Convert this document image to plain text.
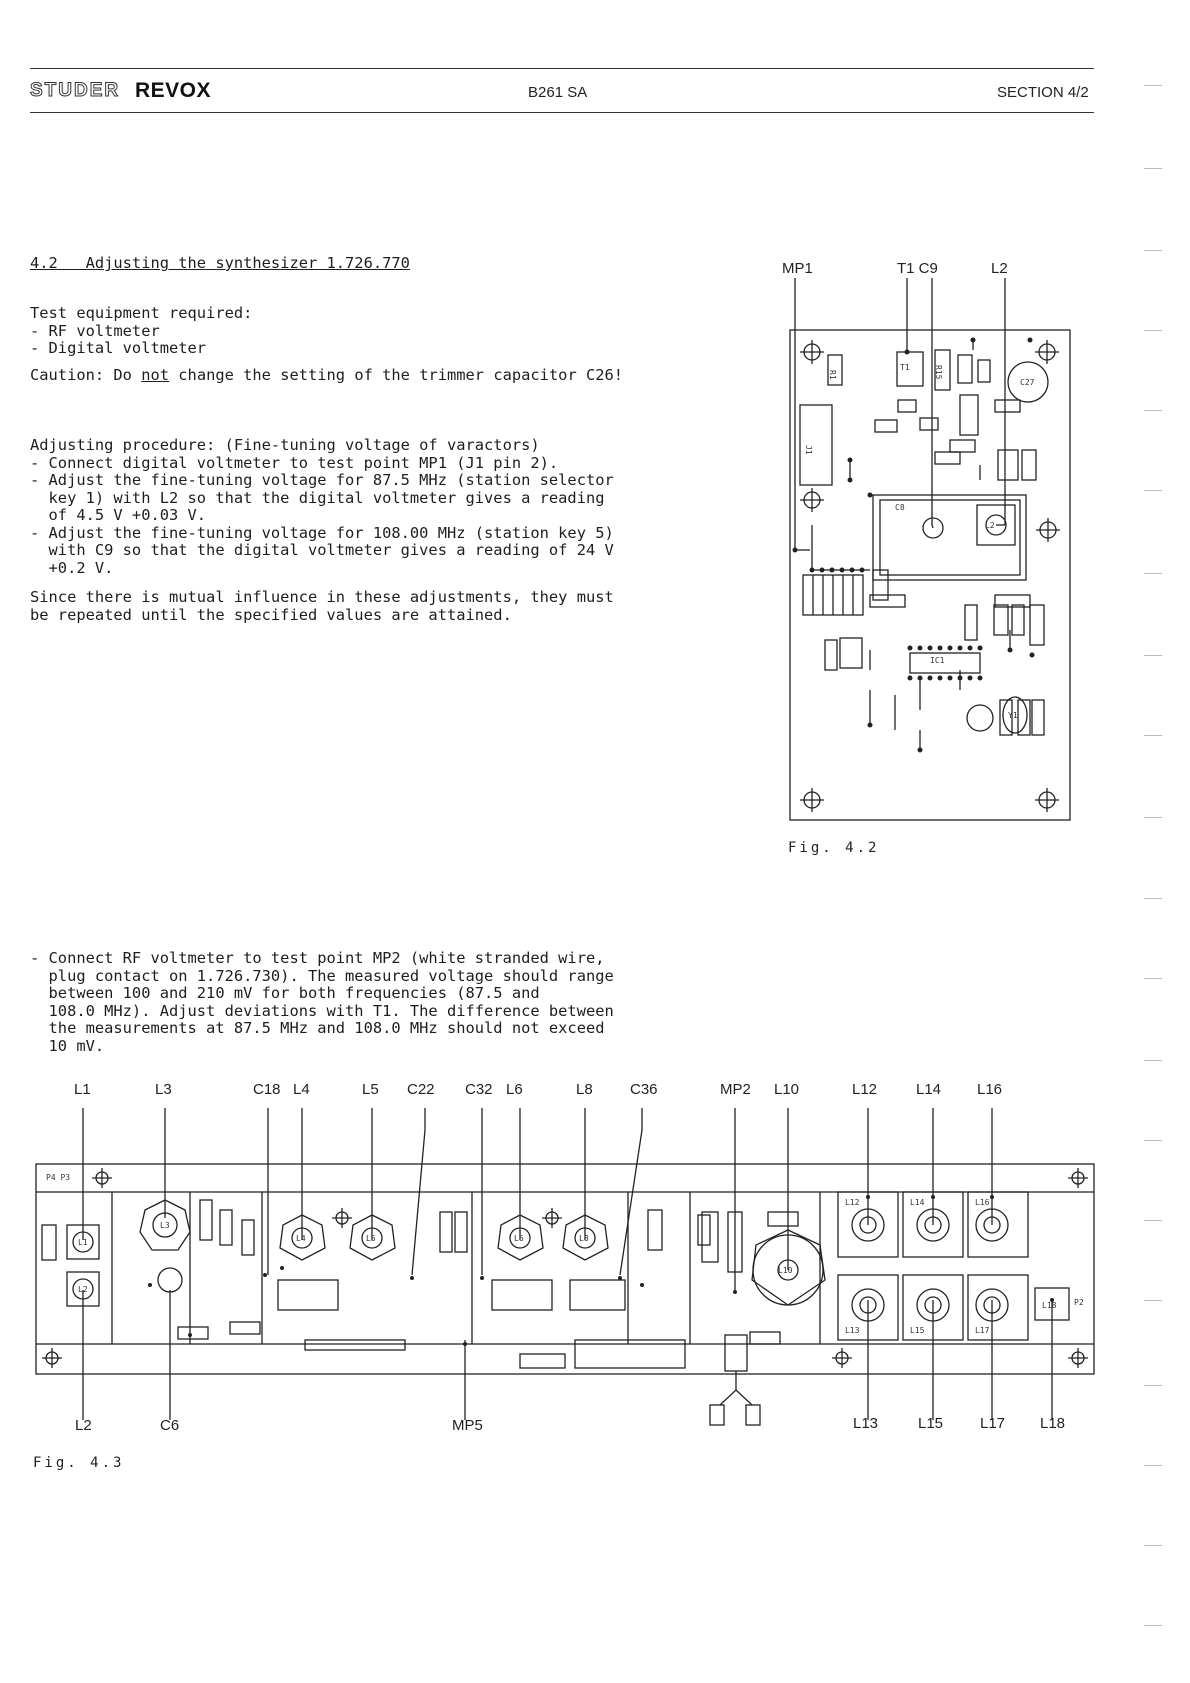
STUDER REVOX	B261 SA	SECTION 4/2
4.2   Adjusting the synthesizer 1.726.770
Test equipment required:
- RF voltmeter
- Digital voltmeter
Caution: Do not change the setting of the trimmer capacitor C26!
Adjusting procedure: (Fine-tuning voltage of varactors)
- Connect digital voltmeter to test point MP1 (J1 pin 2).
- Adjust the fine-tuning voltage for 87.5 MHz (station selector
key 1) with L2 so that the digital voltmeter gives a reading
of 4.5 V +0.03 V.
- Adjust the fine-tuning voltage for 108.00 MHz (station key 5)
with C9 so that the digital voltmeter gives a reading of 24 V
+0.2 V.
Since there is mutual influence in these adjustments, they must
be repeated until the specified values are attained.
- Connect RF voltmeter to test point MP2 (white stranded wire,
plug contact on 1.726.730). The measured voltage should range
between 100 and 210 mV for both frequencies (87.5 and
108.0 MHz). Adjust deviations with T1. The difference between
the measurements at 87.5 MHz and 108.0 MHz should not exceed
10 mV.
MP1	T1 C9	L2
R1
T1	R15
C27
J1
C8
L2
IC1
Y1
Fig. 4.2
L1	L3	C18 L4	L5 C22 C32 L6	L8 C36	MP2 L10	L12	L14 L16
L1
L2
L3
L4	L5	L6	L8
L10
L12	L14	L16
L13	L15	L17
L18
P4 P3
P2
L2	C6	MP5	L13	L15 L17 L18
Fig. 4.3
